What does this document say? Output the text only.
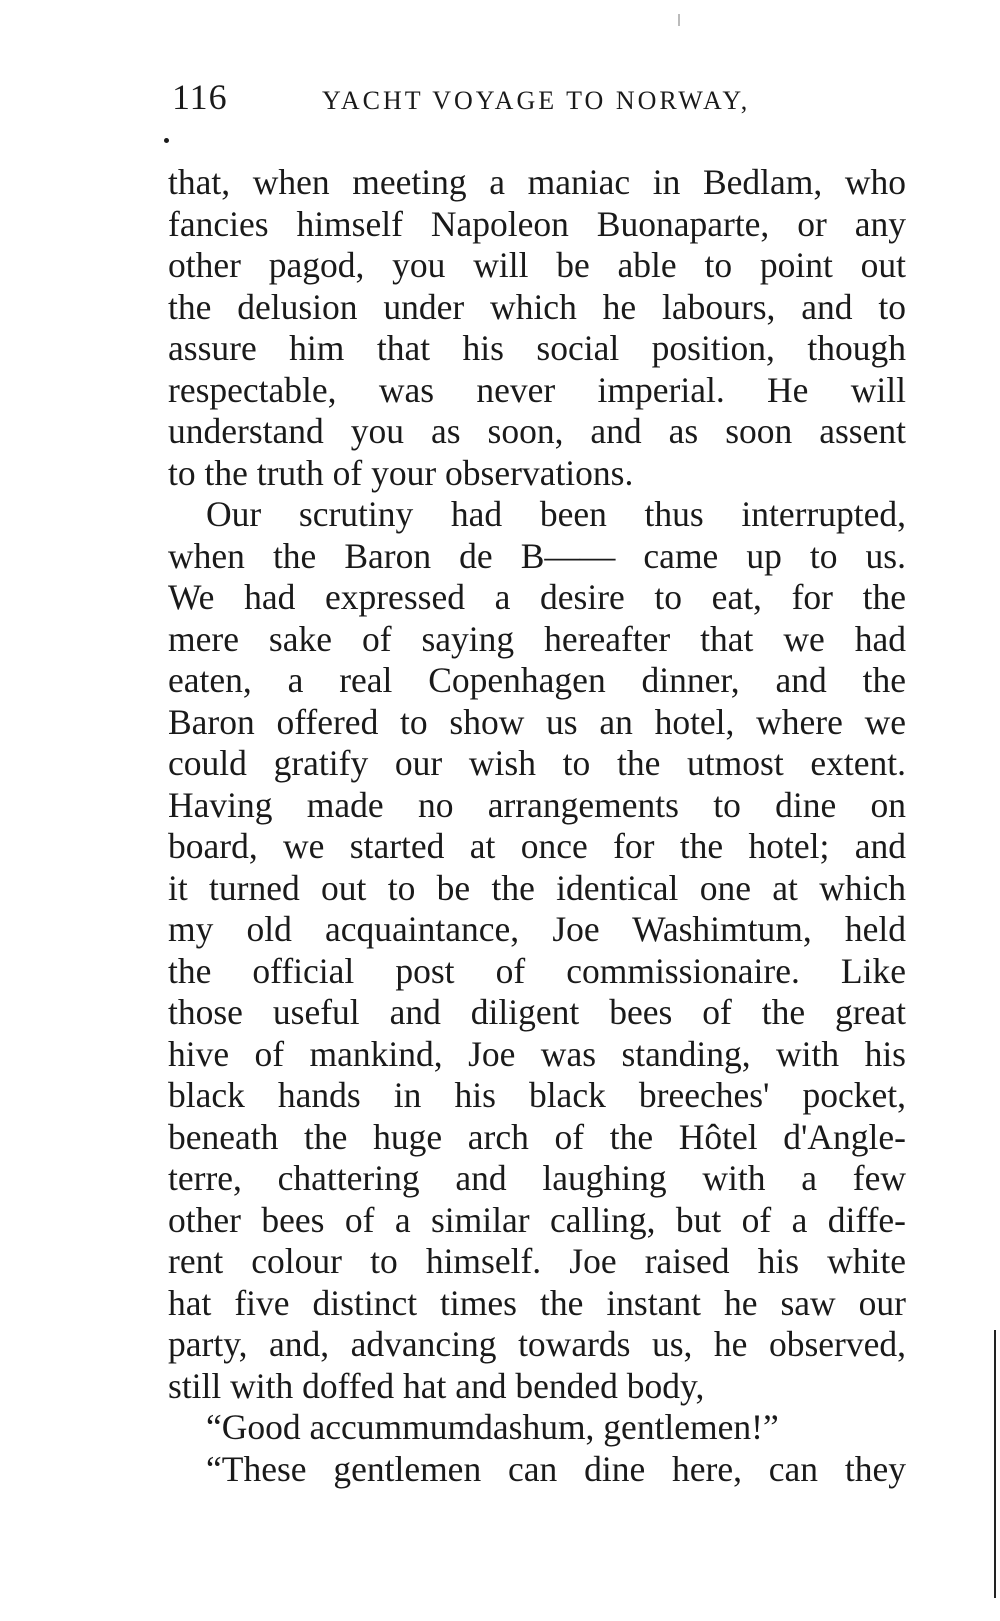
116	YACHT VOYAGE TO NORWAY,
that, when meeting a maniac in Bedlam, who
fancies himself Napoleon Buonaparte, or any
other pagod, you will be able to point out
the delusion under which he labours, and to
assure him that his social position, though
respectable, was never imperial. He will
understand you as soon, and as soon assent
to the truth of your observations.
Our scrutiny had been thus interrupted,
when the Baron de B—— came up to us.
We had expressed a desire to eat, for the
mere sake of saying hereafter that we had
eaten, a real Copenhagen dinner, and the
Baron offered to show us an hotel, where we
could gratify our wish to the utmost extent.
Having made no arrangements to dine on
board, we started at once for the hotel; and
it turned out to be the identical one at which
my old acquaintance, Joe Washimtum, held
the official post of commissionaire. Like
those useful and diligent bees of the great
hive of mankind, Joe was standing, with his
black hands in his black breeches' pocket,
beneath the huge arch of the Hôtel d'Angle-
terre, chattering and laughing with a few
other bees of a similar calling, but of a diffe-
rent colour to himself. Joe raised his white
hat five distinct times the instant he saw our
party, and, advancing towards us, he observed,
still with doffed hat and bended body,
“Good accummumdashum, gentlemen!”
“These gentlemen can dine here, can they
